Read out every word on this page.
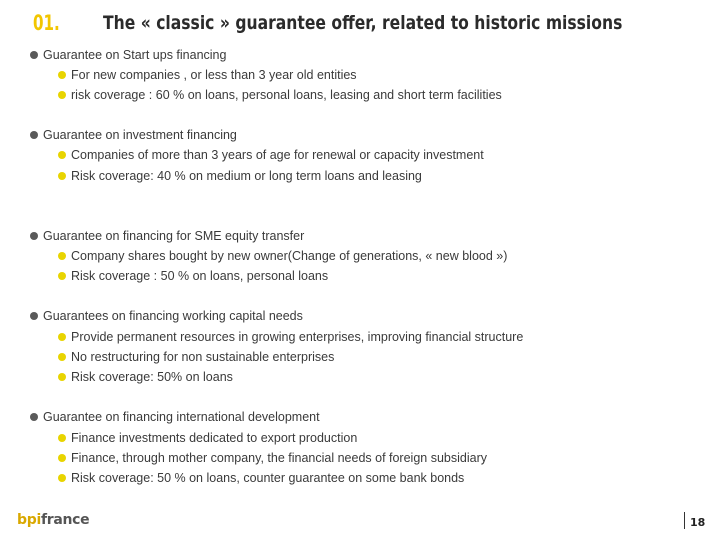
01. The « classic » guarantee offer, related to historic missions
Guarantee on Start ups financing
For new companies , or less than 3 year old entities
risk coverage : 60 % on loans, personal loans, leasing and short term facilities
Guarantee on investment financing
Companies of more than 3 years of age for renewal or capacity investment
Risk coverage: 40 % on medium or long term loans and leasing
Guarantee on financing for SME equity transfer
Company shares bought by new owner(Change of generations, « new blood »)
Risk coverage : 50 % on loans, personal loans
Guarantees on financing working capital needs
Provide permanent resources in growing enterprises, improving financial structure
No restructuring for non sustainable enterprises
Risk coverage: 50% on loans
Guarantee on financing international development
Finance investments dedicated to export production
Finance, through mother company, the financial needs of foreign subsidiary
Risk coverage: 50 % on loans, counter guarantee on some bank bonds
bpifrance	18
